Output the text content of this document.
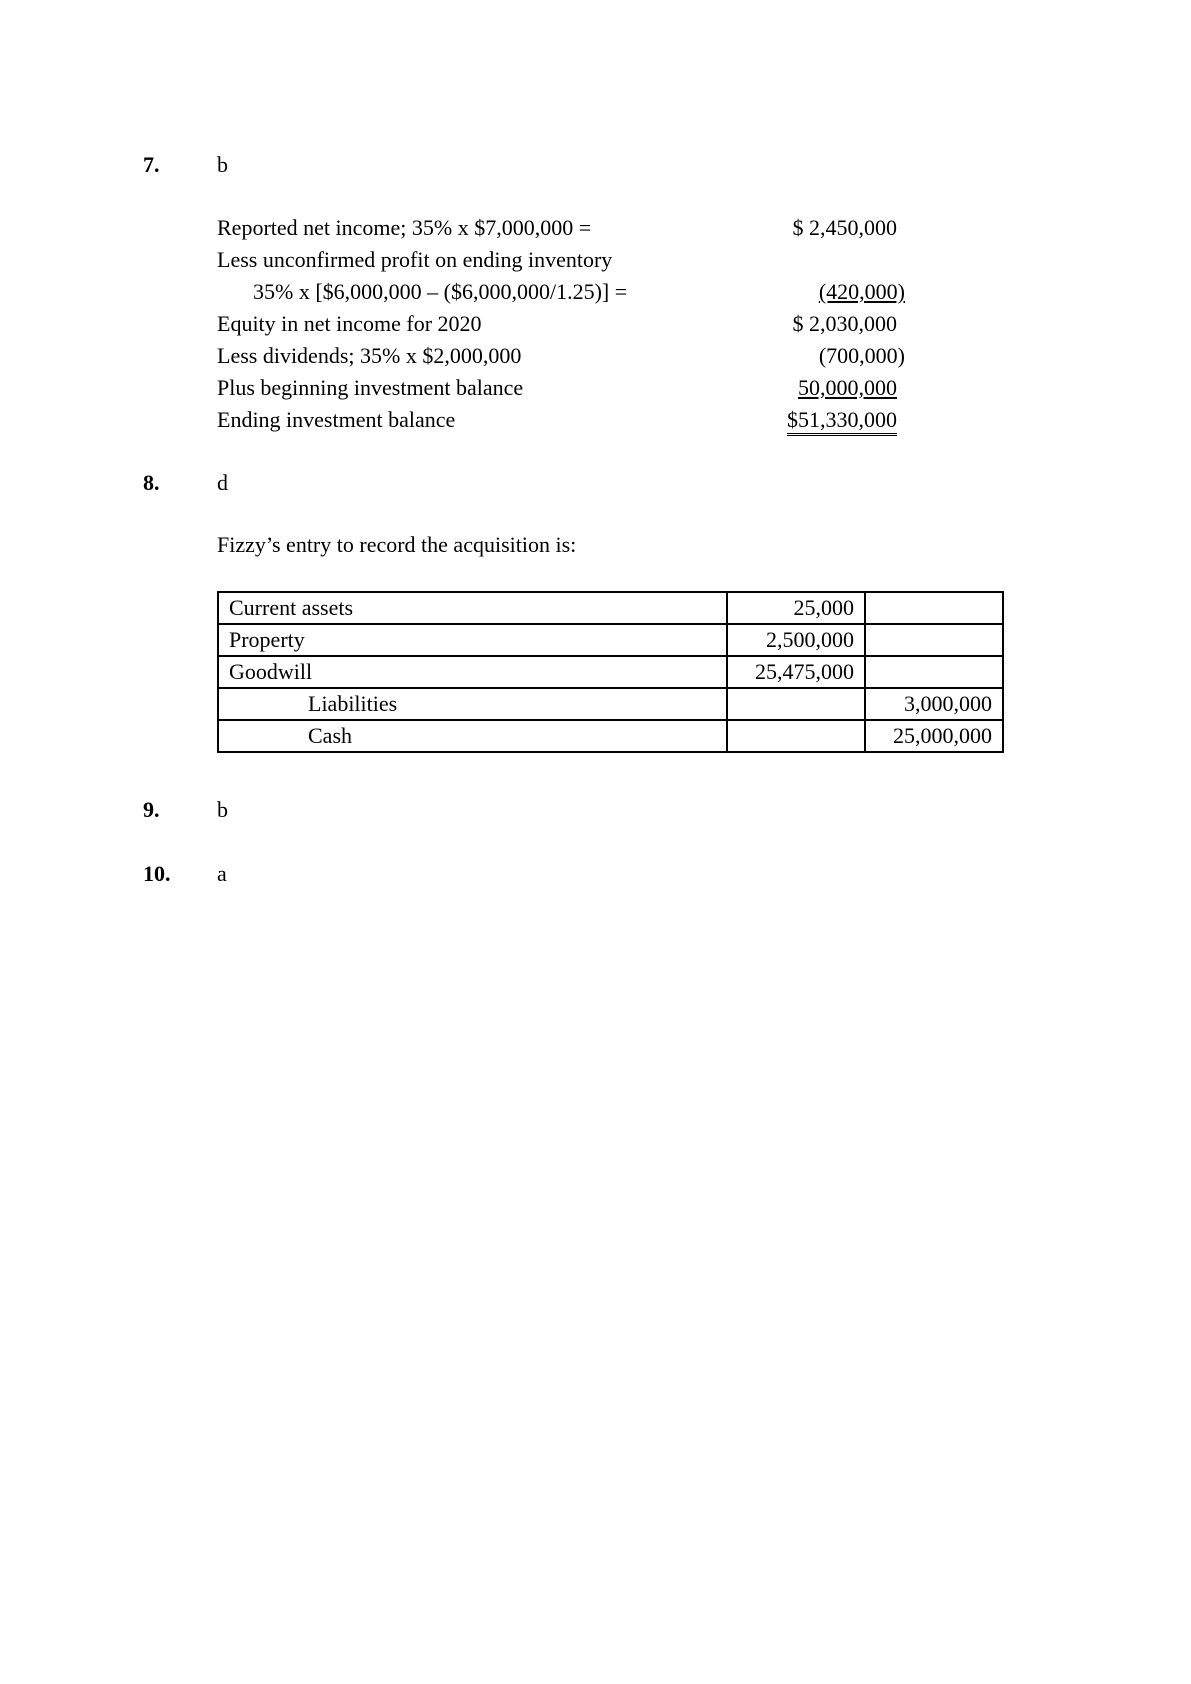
7.	b
Reported net income; 35% x $7,000,000 =	$ 2,450,000
Less unconfirmed profit on ending inventory
35% x [$6,000,000 – ($6,000,000/1.25)] =	(420,000)
Equity in net income for 2020	$ 2,030,000
Less dividends; 35% x $2,000,000	(700,000)
Plus beginning investment balance	50,000,000
Ending investment balance	$51,330,000
8.	d
Fizzy’s entry to record the acquisition is:
Current assets	25,000	
Property	2,500,000	
Goodwill	25,475,000	
Liabilities		3,000,000
Cash		25,000,000
9.	b
10. a
